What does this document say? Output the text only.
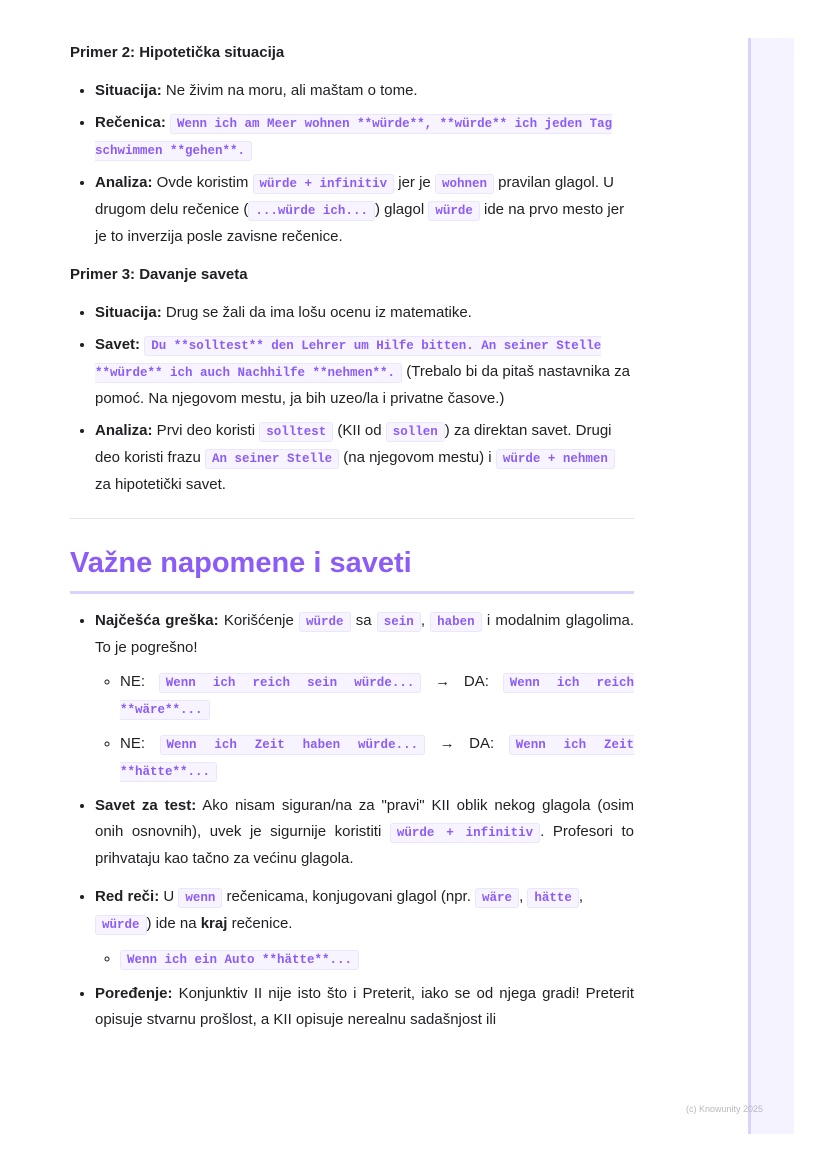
(c) Knowunity 2025
Primer 2: Hipotetička situacija
• Situacija: Ne živim na moru, ali maštam o tome.
• Rečenica: Wenn ich am Meer wohnen **würde**, **würde** ich jeden Tag schwimmen **gehen**.
• Analiza: Ovde koristim würde + infinitiv jer je wohnen pravilan glagol. U drugom delu rečenice ( ...würde ich... ) glagol würde ide na prvo mesto jer je to inverzija posle zavisne rečenice.
Primer 3: Davanje saveta
• Situacija: Drug se žali da ima lošu ocenu iz matematike.
• Savet: Du **solltest** den Lehrer um Hilfe bitten. An seiner Stelle **würde** ich auch Nachhilfe **nehmen**. (Trebalo bi da pitaš nastavnika za pomoć. Na njegovom mestu, ja bih uzeo/la i privatne časove.)
• Analiza: Prvi deo koristi solltest (KII od sollen ) za direktan savet. Drugi deo koristi frazu An seiner Stelle (na njegovom mestu) i würde + nehmen za hipotetički savet.
Važne napomene i saveti
• Najčešća greška: Korišćenje würde sa sein , haben i modalnim glagolima. To je pogrešno!
◦ NE: Wenn ich reich sein würde... → DA: Wenn ich reich **wäre**...
◦ NE: Wenn ich Zeit haben würde... → DA: Wenn ich Zeit **hätte**...
• Savet za test: Ako nisam siguran/na za "pravi" KII oblik nekog glagola (osim onih osnovnih), uvek je sigurnije koristiti würde + infinitiv . Profesori to prihvataju kao tačno za većinu glagola.
• Red reči: U wenn rečenicama, konjugovani glagol (npr. wäre , hätte , würde ) ide na kraj rečenice.
◦ Wenn ich ein Auto **hätte**...
• Poređenje: Konjunktiv II nije isto što i Preterit, iako se od njega gradi! Preterit opisuje stvarnu prošlost, a KII opisuje nerealnu sadašnjost ili
